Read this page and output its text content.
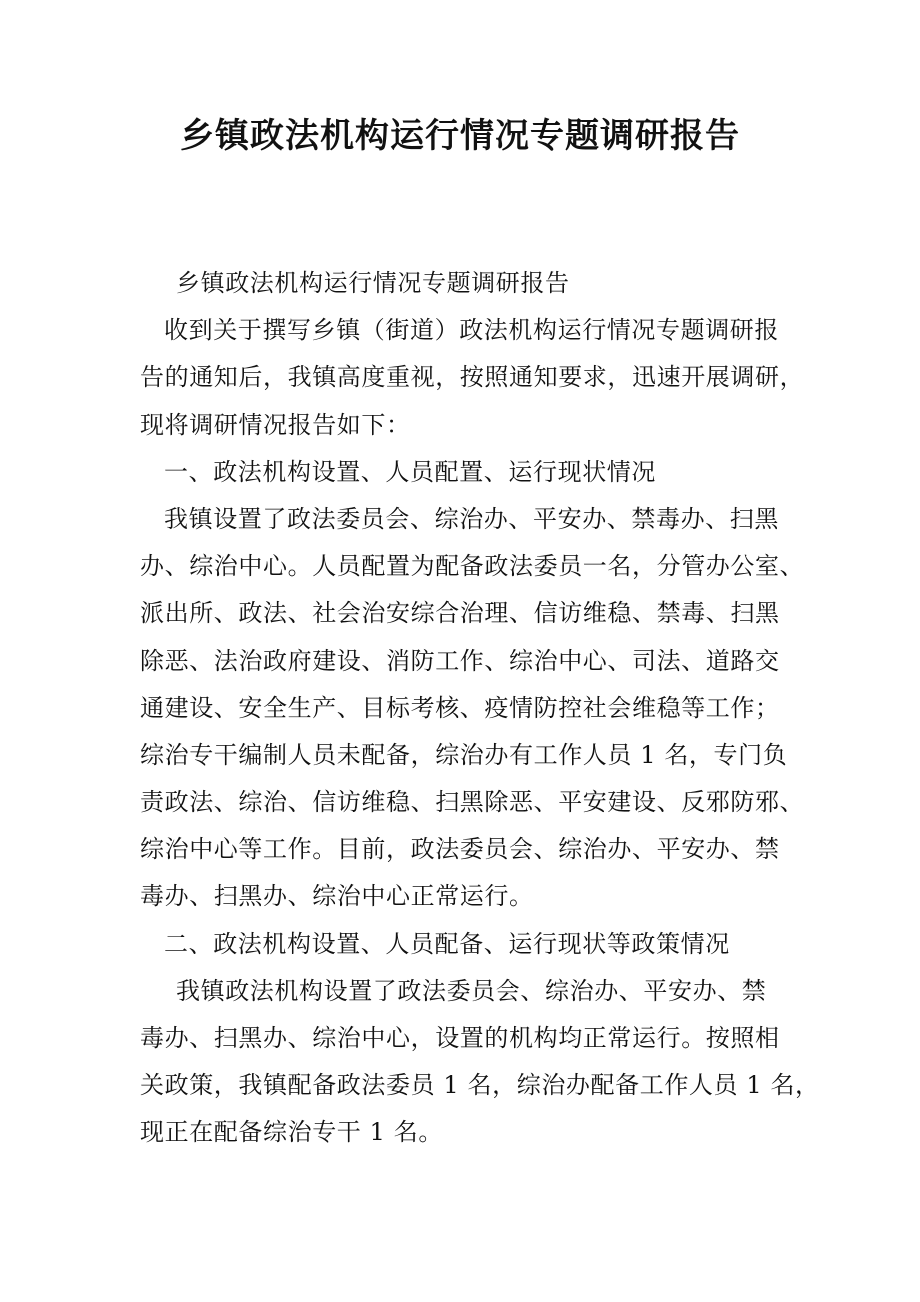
乡镇政法机构运行情况专题调研报告
乡镇政法机构运行情况专题调研报告
收到关于撰写乡镇（街道）政法机构运行情况专题调研报
告的通知后，我镇高度重视，按照通知要求，迅速开展调研，
现将调研情况报告如下：
一、政法机构设置、人员配置、运行现状情况
我镇设置了政法委员会、综治办、平安办、禁毒办、扫黑
办、综治中心。人员配置为配备政法委员一名，分管办公室、
派出所、政法、社会治安综合治理、信访维稳、禁毒、扫黑
除恶、法治政府建设、消防工作、综治中心、司法、道路交
通建设、安全生产、目标考核、疫情防控社会维稳等工作；
综治专干编制人员未配备，综治办有工作人员 1 名，专门负
责政法、综治、信访维稳、扫黑除恶、平安建设、反邪防邪、
综治中心等工作。目前，政法委员会、综治办、平安办、禁
毒办、扫黑办、综治中心正常运行。
二、政法机构设置、人员配备、运行现状等政策情况
我镇政法机构设置了政法委员会、综治办、平安办、禁
毒办、扫黑办、综治中心，设置的机构均正常运行。按照相
关政策，我镇配备政法委员 1 名，综治办配备工作人员 1 名，
现正在配备综治专干 1 名。
